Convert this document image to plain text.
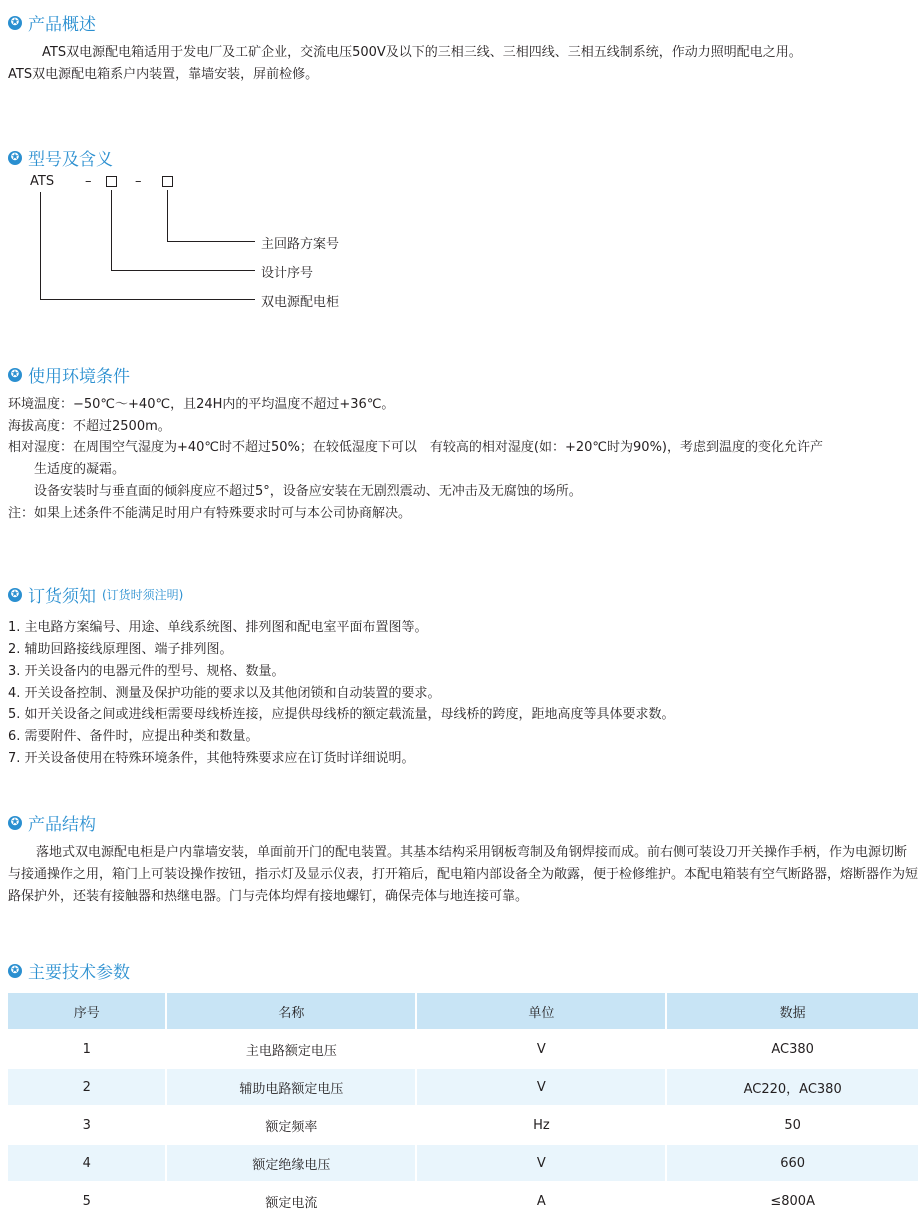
✪ 产品概述
ATS双电源配电箱适用于发电厂及工矿企业，交流电压500V及以下的三相三线、三相四线、三相五线制系统，作动力照明配电之用。
ATS双电源配电箱系户内装置，靠墙安装，屏前检修。
✪ 型号及含义
ATS –	–
主回路方案号
设计序号
双电源配电柜
✪ 使用环境条件
环境温度：−50℃～+40℃，且24H内的平均温度不超过+36℃。
海拔高度：不超过2500m。
相对湿度：在周围空气湿度为+40℃时不超过50%；在较低湿度下可以　有较高的相对湿度(如：+20℃时为90%)，考虑到温度的变化允许产
生适度的凝霜。
设备安装时与垂直面的倾斜度应不超过5°，设备应安装在无剧烈震动、无冲击及无腐蚀的场所。
注：如果上述条件不能满足时用户有特殊要求时可与本公司协商解决。
✪ 订货须知 (订货时须注明)
1. 主电路方案编号、用途、单线系统图、排列图和配电室平面布置图等。
2. 辅助回路接线原理图、端子排列图。
3. 开关设备内的电器元件的型号、规格、数量。
4. 开关设备控制、测量及保护功能的要求以及其他闭锁和自动装置的要求。
5. 如开关设备之间或进线柜需要母线桥连接，应提供母线桥的额定载流量，母线桥的跨度，距地高度等具体要求数。
6. 需要附件、备件时，应提出种类和数量。
7. 开关设备使用在特殊环境条件，其他特殊要求应在订货时详细说明。
✪ 产品结构
落地式双电源配电柜是户内靠墙安装，单面前开门的配电装置。其基本结构采用钢板弯制及角钢焊接而成。前右侧可装设刀开关操作手柄，作为电源切断与接通操作之用，箱门上可装设操作按钮，指示灯及显示仪表，打开箱后，配电箱内部设备全为敞露，便于检修维护。本配电箱装有空气断路器，熔断器作为短路保护外，还装有接触器和热继电器。门与壳体均焊有接地螺钉，确保壳体与地连接可靠。
✪ 主要技术参数
序号	名称	单位	数据
1	主电路额定电压	V	AC380
2	辅助电路额定电压	V	AC220，AC380
3	额定频率	Hz	50
4	额定绝缘电压	V	660
5	额定电流	A	≤800A
